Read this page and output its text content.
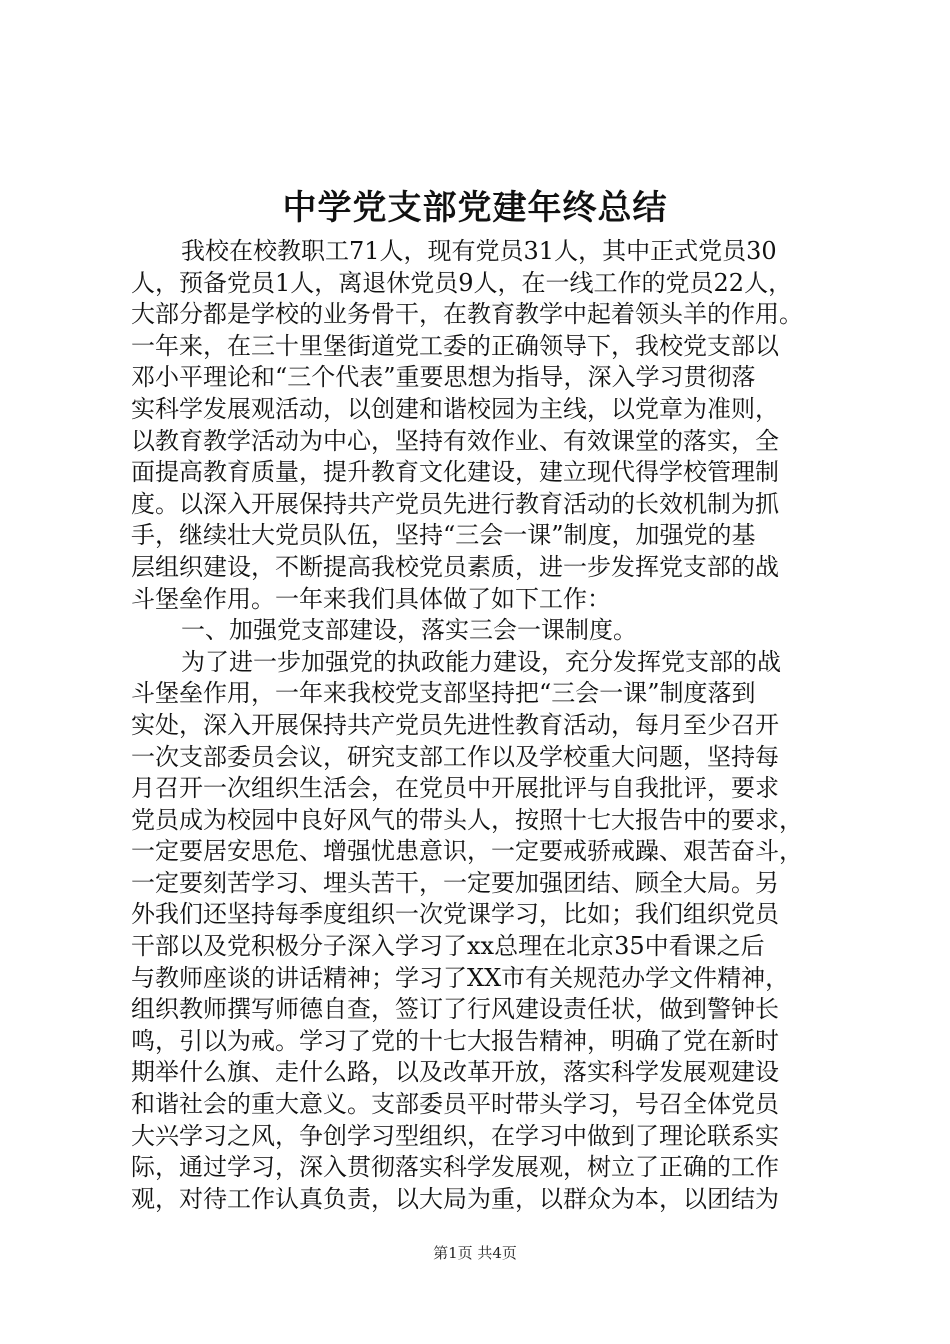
中学党支部党建年终总结
我校在校教职工71人，现有党员31人，其中正式党员30
人，预备党员1人，离退休党员9人，在一线工作的党员22人，
大部分都是学校的业务骨干，在教育教学中起着领头羊的作用。
一年来，在三十里堡街道党工委的正确领导下，我校党支部以
邓小平理论和“三个代表”重要思想为指导，深入学习贯彻落
实科学发展观活动，以创建和谐校园为主线，以党章为准则，
以教育教学活动为中心，坚持有效作业、有效课堂的落实，全
面提高教育质量，提升教育文化建设，建立现代得学校管理制
度。以深入开展保持共产党员先进行教育活动的长效机制为抓
手，继续壮大党员队伍，坚持“三会一课”制度，加强党的基
层组织建设，不断提高我校党员素质，进一步发挥党支部的战
斗堡垒作用。一年来我们具体做了如下工作：
一、加强党支部建设，落实三会一课制度。
为了进一步加强党的执政能力建设，充分发挥党支部的战
斗堡垒作用，一年来我校党支部坚持把“三会一课”制度落到
实处，深入开展保持共产党员先进性教育活动，每月至少召开
一次支部委员会议，研究支部工作以及学校重大问题，坚持每
月召开一次组织生活会，在党员中开展批评与自我批评，要求
党员成为校园中良好风气的带头人，按照十七大报告中的要求，
一定要居安思危、增强忧患意识，一定要戒骄戒躁、艰苦奋斗，
一定要刻苦学习、埋头苦干，一定要加强团结、顾全大局。另
外我们还坚持每季度组织一次党课学习，比如；我们组织党员
干部以及党积极分子深入学习了xx总理在北京35中看课之后
与教师座谈的讲话精神；学习了XX市有关规范办学文件精神，
组织教师撰写师德自查，签订了行风建设责任状，做到警钟长
鸣，引以为戒。学习了党的十七大报告精神，明确了党在新时
期举什么旗、走什么路，以及改革开放，落实科学发展观建设
和谐社会的重大意义。支部委员平时带头学习，号召全体党员
大兴学习之风，争创学习型组织，在学习中做到了理论联系实
际，通过学习，深入贯彻落实科学发展观，树立了正确的工作
观，对待工作认真负责，以大局为重，以群众为本，以团结为
第1页 共4页
